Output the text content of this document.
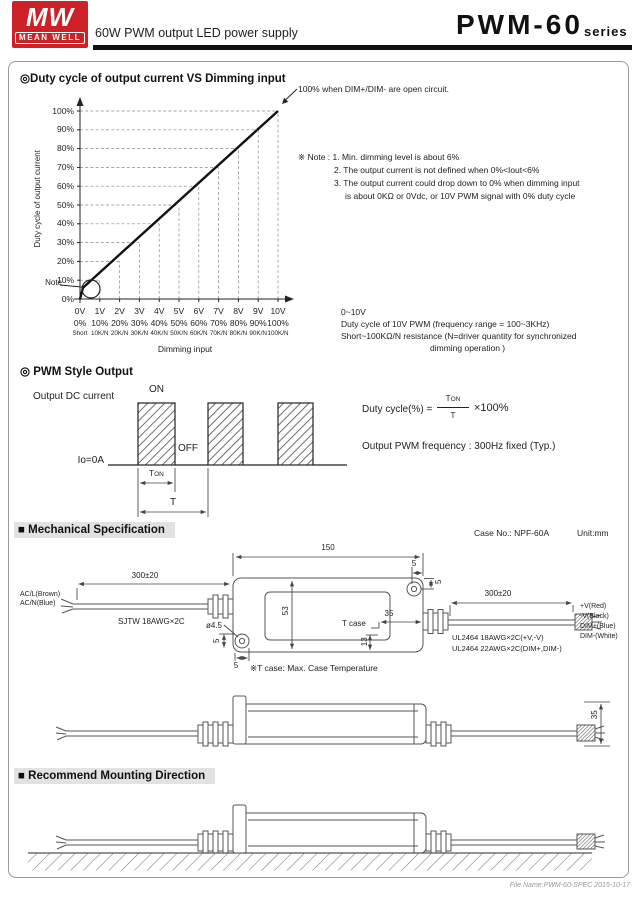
MW
MEAN WELL	60W PWM output LED power supply	PWM-60 series
◎Duty cycle of output current VS Dimming input
Duty cycle of output current
Dimming input
Note
0%
10%
20%
30%
40%
50%
60%
70%
80%
90%
100%
0V	1V	2V	3V	4V	5V	6V	7V	8V	9V 10V
0% 10% 20% 30% 40% 50% 60% 70% 80% 90% 100%
Short 10K/N 20K/N 30K/N 40K/N 50K/N 60K/N 70K/N 80K/N 90K/N 100K/N
100% when DIM+/DIM- are open circuit.
※ Note : 1. Min. dimming level is about 6%
2. The output current is not defined when 0%<Iout<6%
3. The output current could drop down to 0% when dimming input
is about 0KΩ or 0Vdc, or 10V PWM signal with 0% duty cycle
0~10V
Duty cycle of 10V PWM (frequency range = 100~3KHz)
Short~100KΩ/N resistance (N=driver quantity for synchronized
dimming operation )
◎ PWM Style Output
Output DC current
ON
OFF
Io=0A
TON
T
Duty cycle(%) =
TON
T
×100%
Output PWM frequency : 300Hz fixed (Typ.)
■ Mechanical Specification	Case No.: NPF-60A	Unit:mm
150
5
5
53	35
T case
13
ø4.5
5
5
300±20
300±20
AC/L(Brown)
AC/N(Blue)
SJTW 18AWG×2C
UL2464 18AWG×2C(+V,-V)
UL2464 22AWG×2C(DIM+,DIM-)
+V(Red)
-V(Black)
DIM+(Blue)
DIM-(White)
※T case: Max. Case Temperature
35
■ Recommend Mounting Direction
File Name:PWM-60-SPEC 2015-10-17
